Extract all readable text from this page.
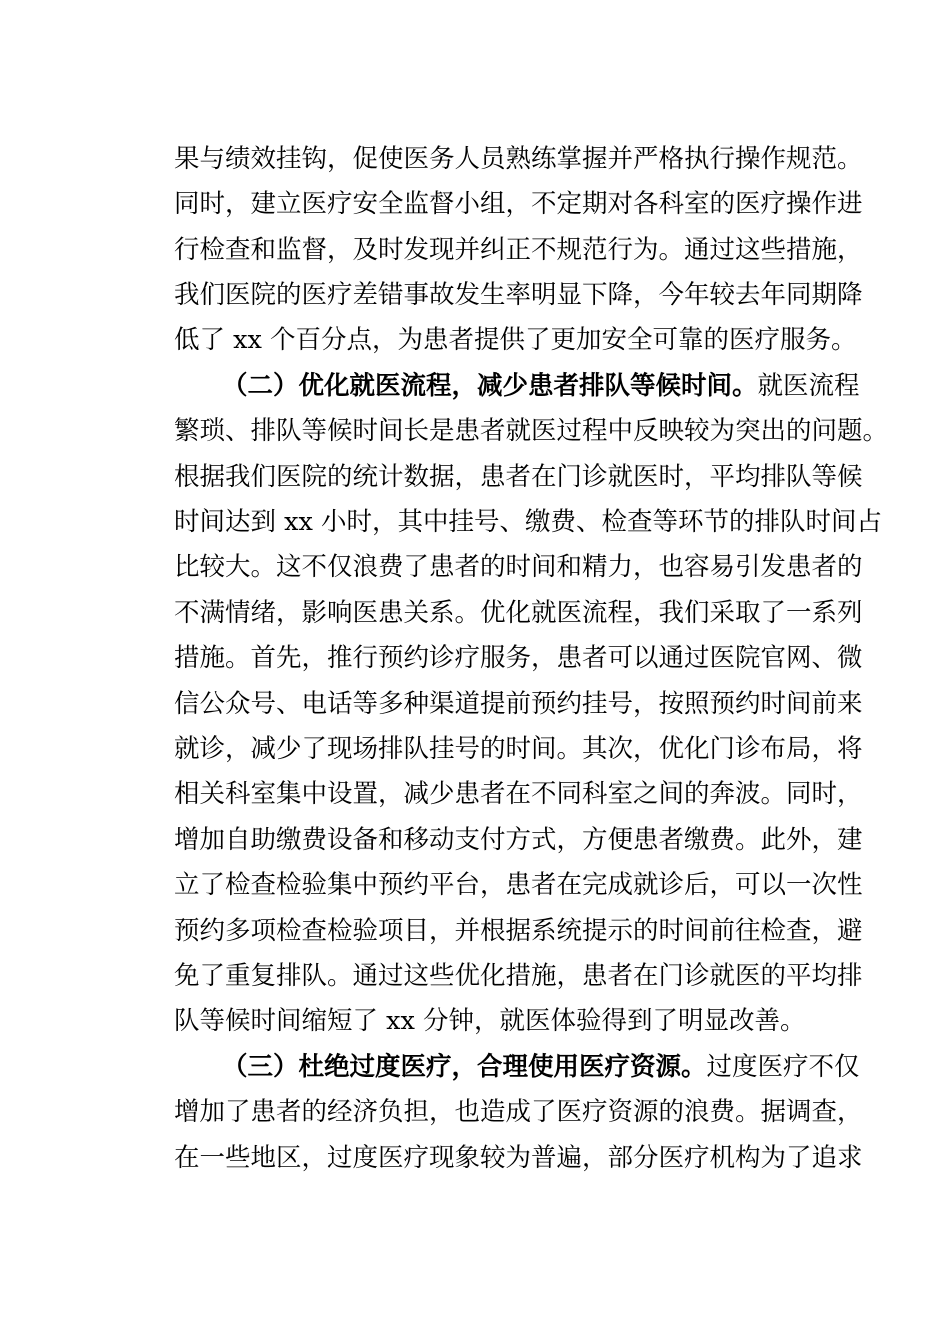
果与绩效挂钩，促使医务人员熟练掌握并严格执行操作规范。
同时，建立医疗安全监督小组，不定期对各科室的医疗操作进
行检查和监督，及时发现并纠正不规范行为。通过这些措施，
我们医院的医疗差错事故发生率明显下降，今年较去年同期降
低了 xx 个百分点，为患者提供了更加安全可靠的医疗服务。
（二）优化就医流程，减少患者排队等候时间。就医流程
繁琐、排队等候时间长是患者就医过程中反映较为突出的问题。
根据我们医院的统计数据，患者在门诊就医时，平均排队等候
时间达到 xx 小时，其中挂号、缴费、检查等环节的排队时间占
比较大。这不仅浪费了患者的时间和精力，也容易引发患者的
不满情绪，影响医患关系。优化就医流程，我们采取了一系列
措施。首先，推行预约诊疗服务，患者可以通过医院官网、微
信公众号、电话等多种渠道提前预约挂号，按照预约时间前来
就诊，减少了现场排队挂号的时间。其次，优化门诊布局，将
相关科室集中设置，减少患者在不同科室之间的奔波。同时，
增加自助缴费设备和移动支付方式，方便患者缴费。此外，建
立了检查检验集中预约平台，患者在完成就诊后，可以一次性
预约多项检查检验项目，并根据系统提示的时间前往检查，避
免了重复排队。通过这些优化措施，患者在门诊就医的平均排
队等候时间缩短了 xx 分钟，就医体验得到了明显改善。
（三）杜绝过度医疗，合理使用医疗资源。过度医疗不仅
增加了患者的经济负担，也造成了医疗资源的浪费。据调查，
在一些地区，过度医疗现象较为普遍，部分医疗机构为了追求
